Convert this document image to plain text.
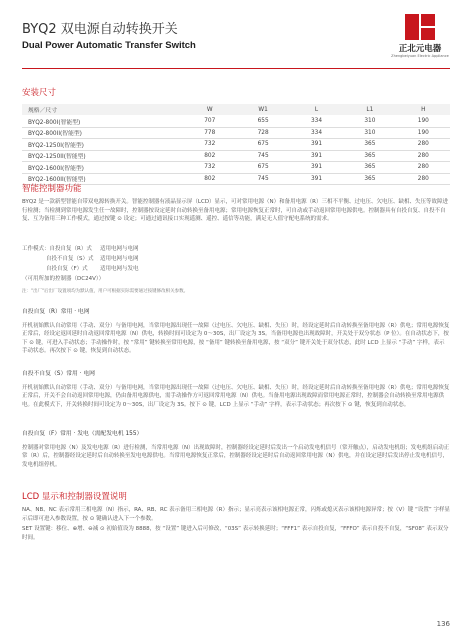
BYQ2 双电源自动转换开关
Dual Power Automatic Transfer Switch	正北元电器
Zhengbeiyuan Electric Appliance
安装尺寸
规格／尺寸	W	W1	L	L1	H
BYQ2-800I(智能型)	707	655	334	310	190
BYQ2-800II(智能型)	778	728	334	310	190
BYQ2-1250I(智能型)	732	675	391	365	280
BYQ2-1250II(智能型)	802	745	391	365	280
BYQ2-1600I(智能型)	732	675	391	365	280
BYQ2-1600II(智能型)	802	745	391	365	280
智能控制器功能
BYQ2 是一款新型智能自带双电源转换开关。智能控制器有液晶显示屏（LCD）显示，可对常用电源（N）和备用电源（R）三相不平衡、过电压、欠电压、缺相、失压等故障进行检测；当检测到常用电源发生任一故障时，控制器按设定延时自动转换至备用电源；常用电源恢复正常时，可自动或手动返回常用电源供电。控制器具有自投自复、自投不自复、互为备用三种工作模式，通过按键 ⊙ 设定；可通过通讯接口实现遥测、遥控、遥信等功能，满足无人值守配电系统的需求。
工作模式：自投自复（R）式	适用电网与电网
自投不自复（S）式	适用电网与电网
自投自复（F）式	适用电网与发电
（可用所加的控制器（DC24V））
注："出厂"后出厂设置项均为默认值，用户可根据实际需要通过按键修改相关参数。
自投自复（R）常用 · 电网
开机初始默认自动常用（手动、双分）与备用电网，当常用电源出现任一故障（过电压、欠电压、缺相、失压）时，经设定延时后自动转换至备用电源（R）供电；常用电源恢复正常后，经设定返回延时自动返回常用电源（N）供电，转换时间可设定为 0～30S，出厂设定为 3S。当备用电源也出现故障时，开关处于双分状态（P 位）。在自动状态下，按下 ⊙ 键，可进入手动状态；手动操作时，按 “常用” 键转换至常用电源，按 “备用” 键转换至备用电源，按 “双分” 键开关处于双分状态，此时 LCD 上显示 “手动” 字样，表示手动状态。再次按下 ⊙ 键，恢复到自动状态。
自投不自复（S）常用 · 电网
开机初始默认自动常用（手动、双分）与备用电网，当常用电源出现任一故障（过电压、欠电压、缺相、失压）时，经设定延时后自动转换至备用电源（R）供电；常用电源恢复正常后，开关不会自动返回常用电源，仍由备用电源供电，需手动操作方可返回常用电源（N）供电。当备用电源出现故障而常用电源正常时，控制器会自动转换至常用电源供电。在此模式下，开关转换时间可设定为 0～30S，出厂设定为 3S。按下 ⊙ 键，LCD 上显示 “手动” 字样，表示手动状态；再次按下 ⊙ 键，恢复到自动状态。
自投自复（F）常用 · 发电（需配发电机 155）
控制器对常用电源（N）及发电电源（R）进行检测，当常用电源（N）出现故障时，控制器经设定延时后发出一个启动发电机信号（常开触点），启动发电机组；发电机组启动正常（R）后，控制器经设定延时后自动转换至发电电源供电。当常用电源恢复正常后，控制器经设定延时后自动返回常用电源（N）供电，并在设定延时后发出停止发电机信号，发电机组停机。
LCD 显示和控制器设置说明
NA、NB、NC 表示常用三相电源（N）指示，RA、RB、RC 表示备用三相电源（R）指示；显示亮表示该相电源正常，闪烁或熄灭表示该相电源异常；按（V）键 “设置” 字样显示后即可进入参数设置，按 ⊙ 键确认进入下一个参数。
SET 设置键：移位、⊕增、⊖减 ⊙ 初始值设为 8888，按 “设置” 键进入后可修改，“03S” 表示转换延时；“FFF1” 表示自投自复，“FFFO” 表示自投不自复，“SF08” 表示双分时间。
136
